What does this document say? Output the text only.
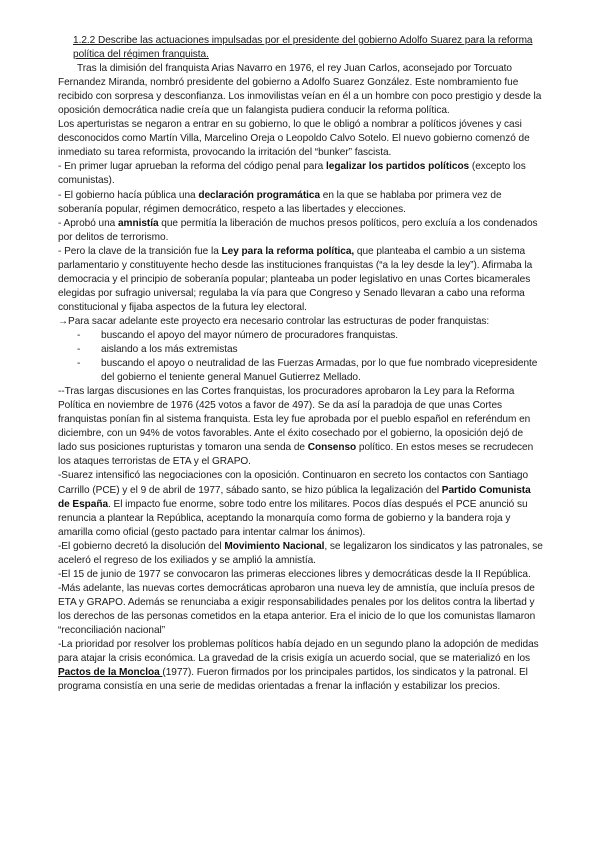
1.2.2 Describe las actuaciones impulsadas por el presidente del gobierno Adolfo Suarez para la reforma política del régimen franquista.

Tras la dimisión del franquista Arias Navarro en 1976, el rey Juan Carlos, aconsejado por Torcuato Fernandez Miranda, nombró presidente del gobierno a Adolfo Suarez González. Este nombramiento fue recibido con sorpresa y desconfianza. Los inmovilistas veían en él a un hombre con poco prestigio y desde la oposición democrática nadie creía que un falangista pudiera conducir la reforma política.

Los aperturistas se negaron a entrar en su gobierno, lo que le obligó a nombrar a políticos jóvenes y casi desconocidos como Martín Villa, Marcelino Oreja o Leopoldo Calvo Sotelo. El nuevo gobierno comenzó de inmediato su tarea reformista, provocando la irritación del “bunker” fascista.

- En primer lugar aprueban la reforma del código penal para legalizar los partidos políticos (excepto los comunistas).

- El gobierno hacía pública una declaración programática en la que se hablaba por primera vez de soberanía popular, régimen democrático, respeto a las libertades y elecciones.

- Aprobó una amnistía que permitía la liberación de muchos presos políticos, pero excluía a los condenados por delitos de terrorismo.

- Pero la clave de la transición fue la Ley para la reforma política, que planteaba el cambio a un sistema parlamentario y constituyente hecho desde las instituciones franquistas (“a la ley desde la ley”). Afirmaba la democracia y el principio de soberanía popular; planteaba un poder legislativo en unas Cortes bicamerales elegidas por sufragio universal; regulaba la vía para que Congreso y Senado llevaran a cabo una reforma constitucional y fijaba aspectos de la futura ley electoral.

→Para sacar adelante este proyecto era necesario controlar las estructuras de poder franquistas:

- buscando el apoyo del mayor número de procuradores franquistas.
- aislando a los más extremistas
- buscando el apoyo o neutralidad de las Fuerzas Armadas, por lo que fue nombrado vicepresidente del gobierno el teniente general Manuel Gutierrez Mellado.

--Tras largas discusiones en las Cortes franquistas, los procuradores aprobaron la Ley para la Reforma Política en noviembre de 1976 (425 votos a favor de 497). Se da así la paradoja de que unas Cortes franquistas ponían fin al sistema franquista. Esta ley fue aprobada por el pueblo español en referéndum en diciembre, con un 94% de votos favorables. Ante el éxito cosechado por el gobierno, la oposición dejó de lado sus posiciones rupturistas y tomaron una senda de Consenso político. En estos meses se recrudecen los ataques terroristas de ETA y el GRAPO.

-Suarez intensificó las negociaciones con la oposición. Continuaron en secreto los contactos con Santiago Carrillo (PCE) y el 9 de abril de 1977, sábado santo, se hizo pública la legalización del Partido Comunista de España. El impacto fue enorme, sobre todo entre los militares. Pocos días después el PCE anunció su renuncia a plantear la República, aceptando la monarquía como forma de gobierno y la bandera roja y amarilla como oficial (gesto pactado para intentar calmar los ánimos).

-El gobierno decretó la disolución del Movimiento Nacional, se legalizaron los sindicatos y las patronales, se aceleró el regreso de los exiliados y se amplió la amnistía.

-El 15 de junio de 1977 se convocaron las primeras elecciones libres y democráticas desde la II República.

-Más adelante, las nuevas cortes democráticas aprobaron una nueva ley de amnistía, que incluía presos de ETA y GRAPO. Además se renunciaba a exigir responsabilidades penales por los delitos contra la libertad y los derechos de las personas cometidos en la etapa anterior. Era el inicio de lo que los comunistas llamaron “reconciliación nacional”

-La prioridad por resolver los problemas políticos había dejado en un segundo plano la adopción de medidas para atajar la crisis económica. La gravedad de la crisis exigía un acuerdo social, que se materializó en los Pactos de la Moncloa (1977). Fueron firmados por los principales partidos, los sindicatos y la patronal. El programa consistía en una serie de medidas orientadas a frenar la inflación y estabilizar los precios.
